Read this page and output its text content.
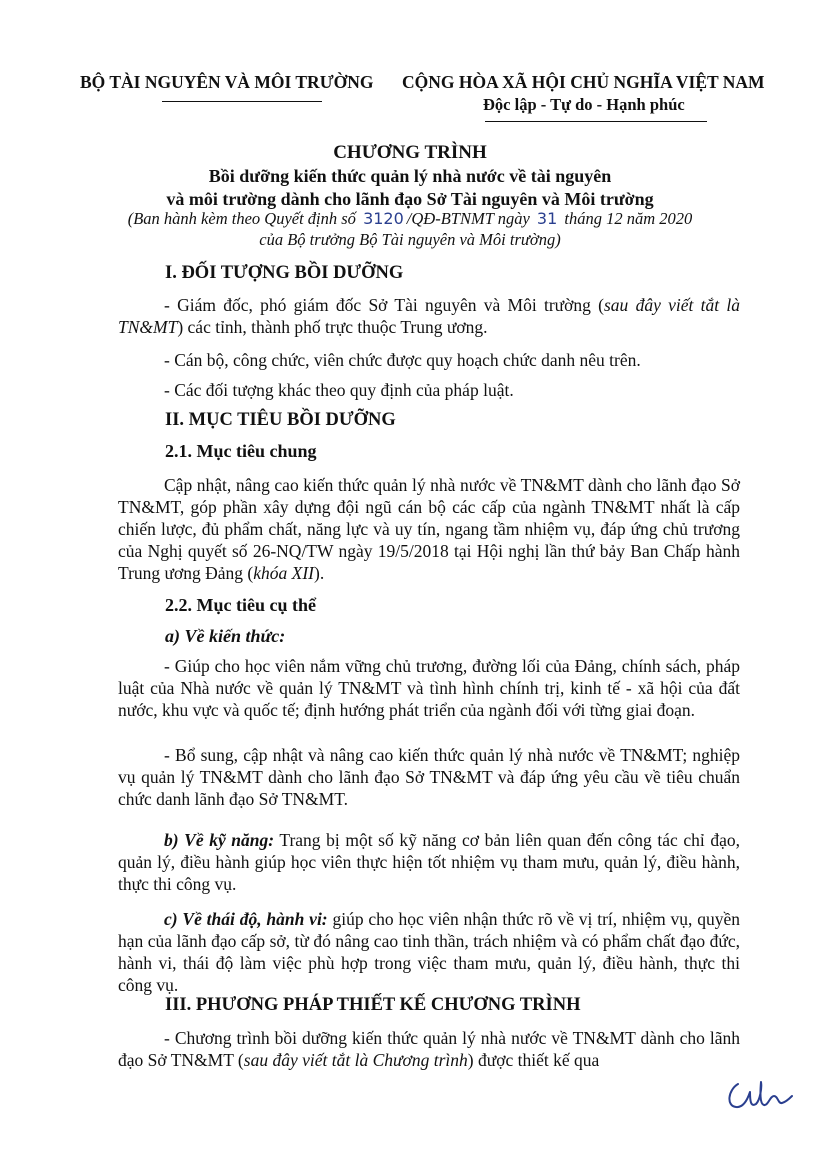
BỘ TÀI NGUYÊN VÀ MÔI TRƯỜNG CỘNG HÒA XÃ HỘI CHỦ NGHĨA VIỆT NAM
Độc lập - Tự do - Hạnh phúc
CHƯƠNG TRÌNH
Bồi dưỡng kiến thức quản lý nhà nước về tài nguyên
và môi trường dành cho lãnh đạo Sở Tài nguyên và Môi trường
(Ban hành kèm theo Quyết định số 3120 /QĐ-BTNMT ngày 31 tháng 12 năm 2020
của Bộ trưởng Bộ Tài nguyên và Môi trường)
I. ĐỐI TƯỢNG BỒI DƯỠNG
- Giám đốc, phó giám đốc Sở Tài nguyên và Môi trường (sau đây viết tắt là TN&MT) các tỉnh, thành phố trực thuộc Trung ương.
- Cán bộ, công chức, viên chức được quy hoạch chức danh nêu trên.
- Các đối tượng khác theo quy định của pháp luật.
II. MỤC TIÊU BỒI DƯỠNG
2.1. Mục tiêu chung
Cập nhật, nâng cao kiến thức quản lý nhà nước về TN&MT dành cho lãnh đạo Sở TN&MT, góp phần xây dựng đội ngũ cán bộ các cấp của ngành TN&MT nhất là cấp chiến lược, đủ phẩm chất, năng lực và uy tín, ngang tầm nhiệm vụ, đáp ứng chủ trương của Nghị quyết số 26-NQ/TW ngày 19/5/2018 tại Hội nghị lần thứ bảy Ban Chấp hành Trung ương Đảng (khóa XII).
2.2. Mục tiêu cụ thể
a) Về kiến thức:
- Giúp cho học viên nắm vững chủ trương, đường lối của Đảng, chính sách, pháp luật của Nhà nước về quản lý TN&MT và tình hình chính trị, kinh tế - xã hội của đất nước, khu vực và quốc tế; định hướng phát triển của ngành đối với từng giai đoạn.
- Bổ sung, cập nhật và nâng cao kiến thức quản lý nhà nước về TN&MT; nghiệp vụ quản lý TN&MT dành cho lãnh đạo Sở TN&MT và đáp ứng yêu cầu về tiêu chuẩn chức danh lãnh đạo Sở TN&MT.
b) Về kỹ năng: Trang bị một số kỹ năng cơ bản liên quan đến công tác chỉ đạo, quản lý, điều hành giúp học viên thực hiện tốt nhiệm vụ tham mưu, quản lý, điều hành, thực thi công vụ.
c) Về thái độ, hành vi: giúp cho học viên nhận thức rõ về vị trí, nhiệm vụ, quyền hạn của lãnh đạo cấp sở, từ đó nâng cao tinh thần, trách nhiệm và có phẩm chất đạo đức, hành vi, thái độ làm việc phù hợp trong việc tham mưu, quản lý, điều hành, thực thi công vụ.
III. PHƯƠNG PHÁP THIẾT KẾ CHƯƠNG TRÌNH
- Chương trình bồi dưỡng kiến thức quản lý nhà nước về TN&MT dành cho lãnh đạo Sở TN&MT (sau đây viết tắt là Chương trình) được thiết kế qua
